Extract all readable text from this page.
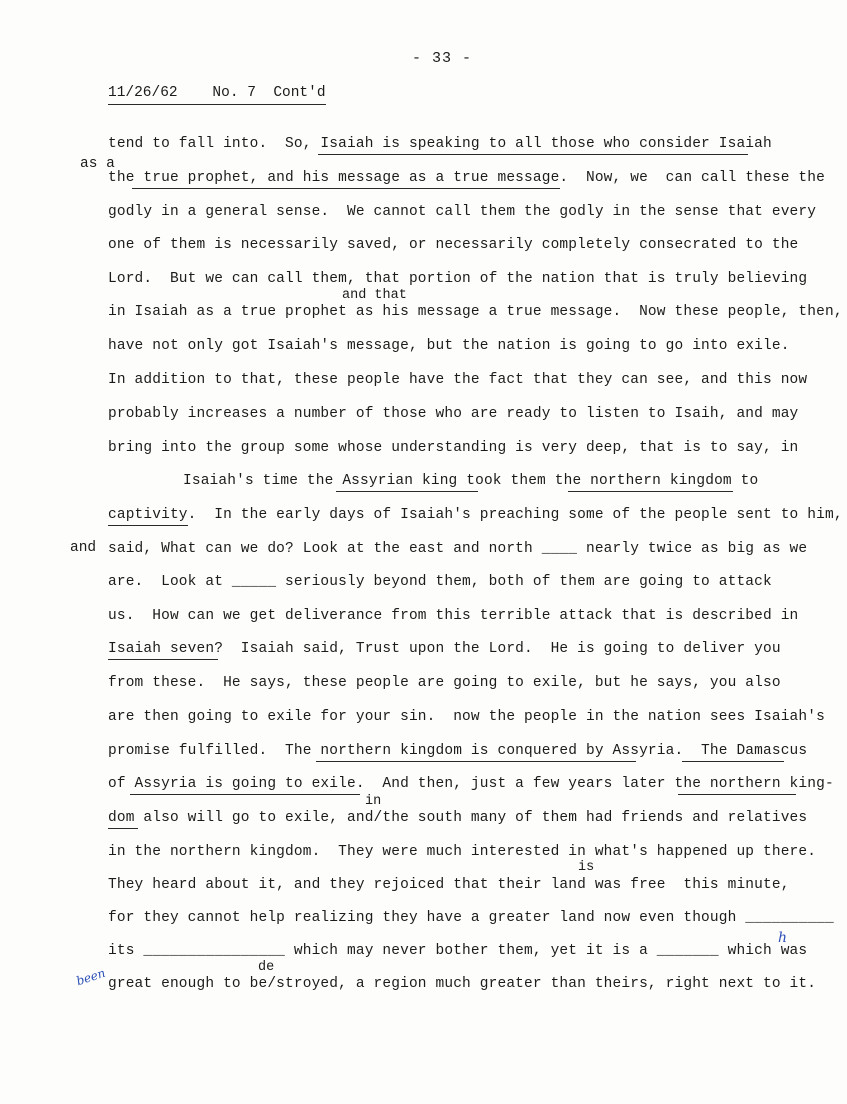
- 33 -
11/26/62    No. 7  Cont'd
as a
and
and that
is
in
de
h
been
tend to fall into.  So, Isaiah is speaking to all those who consider Isaiah
the true prophet, and his message as a true message.  Now, we  can call these the
godly in a general sense.  We cannot call them the godly in the sense that every
one of them is necessarily saved, or necessarily completely consecrated to the
Lord.  But we can call them, that portion of the nation that is truly believing
in Isaiah as a true prophet as his message a true message.  Now these people, then,
have not only got Isaiah's message, but the nation is going to go into exile.
In addition to that, these people have the fact that they can see, and this now
probably increases a number of those who are ready to listen to Isaih, and may
bring into the group some whose understanding is very deep, that is to say, in
Isaiah's time the Assyrian king took them the northern kingdom to
captivity.  In the early days of Isaiah's preaching some of the people sent to him,
said, What can we do? Look at the east and north ____ nearly twice as big as we
are.  Look at _____ seriously beyond them, both of them are going to attack
us.  How can we get deliverance from this terrible attack that is described in
Isaiah seven?  Isaiah said, Trust upon the Lord.  He is going to deliver you
from these.  He says, these people are going to exile, but he says, you also
are then going to exile for your sin.  now the people in the nation sees Isaiah's
promise fulfilled.  The northern kingdom is conquered by Assyria.  The Damascus
of Assyria is going to exile.  And then, just a few years later the northern king-
dom also will go to exile, and/the south many of them had friends and relatives
in the northern kingdom.  They were much interested in what's happened up there.
They heard about it, and they rejoiced that their land was free  this minute,
for they cannot help realizing they have a greater land now even though __________
its ________________ which may never bother them, yet it is a _______ which was
great enough to be/stroyed, a region much greater than theirs, right next to it.
